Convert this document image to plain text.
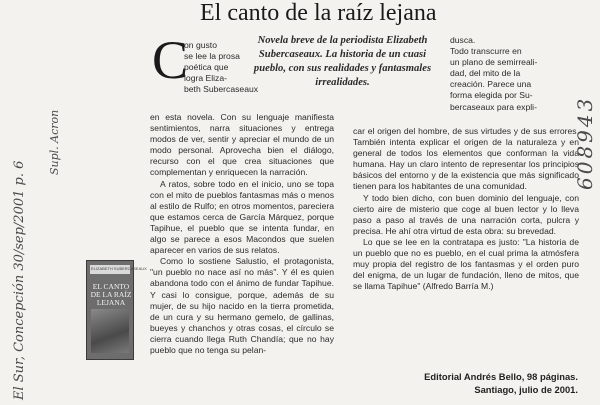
El canto de la raíz lejana
C
on gusto
se lee la prosa
poética que
logra Eliza-
beth Subercaseaux
Novela breve de la periodista Elizabeth Subercaseaux. La historia de un cuasi pueblo, con sus realidades y fantasmales irrealidades.

en esta novela. Con su lenguaje manifiesta sentimientos, narra situaciones y entrega modos de ver, sentir y apreciar el mundo de un modo personal. Aprovecha bien el diálogo, recurso con el que crea situaciones que complementan y enriquecen la narración.

A ratos, sobre todo en el inicio, uno se topa con el mito de pueblos fantasmas más o menos al estilo de Rulfo; en otros momentos, pareciera que estamos cerca de García Márquez, porque Tapihue, el pueblo que se intenta fundar, en algo se parece a esos Macondos que suelen aparecer en varios de sus relatos.

Como lo sostiene Salustio, el protagonista, "un pueblo no nace así no más". Y él es quien abandona todo con el ánimo de fundar Tapihue. Y casi lo consigue, porque, además de su mujer, de su hijo nacido en la tierra prometida, de un cura y su hermano gemelo, de gallinas, bueyes y chanchos y otras cosas, el círculo se cierra cuando llega Ruth Chandía; que no hay pueblo que no tenga su pelan-

dusca.
Todo transcurre en
un plano de semirreali-
dad, del mito de la
creación. Parece una
forma elegida por Su-
bercaseaux para expli-

car el origen del hombre, de sus virtudes y de sus errores. También intenta explicar el origen de la naturaleza y en general de todos los elementos que conforman la vida humana. Hay un claro intento de representar los principios básicos del entorno y de la existencia que más significado tienen para los habitantes de una comunidad.

Y todo bien dicho, con buen dominio del lenguaje, con cierto aire de misterio que coge al buen lector y lo lleva paso a paso al través de una narración corta, pulcra y precisa. He ahí otra virtud de esta obra: su brevedad.

Lo que se lee en la contratapa es justo: "La historia de un pueblo que no es pueblo, en el cual prima la atmósfera muy propia del registro de los fantasmas y el orden puro del enigma, de un lugar de fundación, lleno de mitos, que se llama Tapihue" (Alfredo Barría M.)

Editorial Andrés Bello, 98 páginas.
Santiago, julio de 2001.
ELIZABETH SUBERCASEAUX
EL CANTO DE LA RAÍZ LEJANA
El Sur, Concepción 30/sep/2001 p. 6
Supl. Acron	608943
